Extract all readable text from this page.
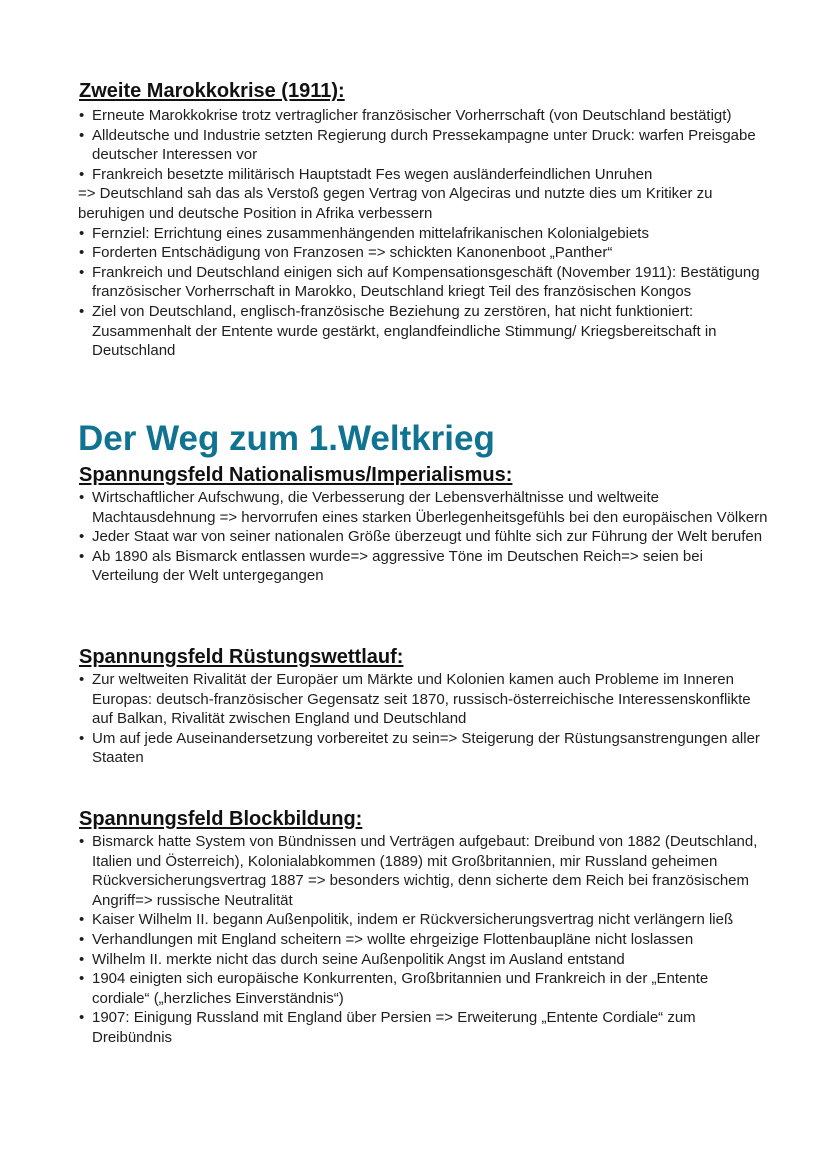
Zweite Marokkokrise (1911):
• Erneute Marokkokrise trotz vertraglicher französischer Vorherrschaft (von Deutschland bestätigt)
• Alldeutsche und Industrie setzten Regierung durch Pressekampagne unter Druck: warfen Preisgabe deutscher Interessen vor
• Frankreich besetzte militärisch Hauptstadt Fes wegen ausländerfeindlichen Unruhen
=> Deutschland sah das als Verstoß gegen Vertrag von Algeciras und nutzte dies um Kritiker zu beruhigen und deutsche Position in Afrika verbessern
• Fernziel: Errichtung eines zusammenhängenden mittelafrikanischen Kolonialgebiets
• Forderten Entschädigung von Franzosen => schickten Kanonenboot „Panther“
• Frankreich und Deutschland einigen sich auf Kompensationsgeschäft (November 1911): Bestätigung französischer Vorherrschaft in Marokko, Deutschland kriegt Teil des französischen Kongos
• Ziel von Deutschland, englisch-französische Beziehung zu zerstören, hat nicht funktioniert: Zusammenhalt der Entente wurde gestärkt, englandfeindliche Stimmung/ Kriegsbereitschaft in Deutschland
Der Weg zum 1.Weltkrieg
Spannungsfeld Nationalismus/Imperialismus:
• Wirtschaftlicher Aufschwung, die Verbesserung der Lebensverhältnisse und weltweite Machtausdehnung => hervorrufen eines starken Überlegenheitsgefühls bei den europäischen Völkern
• Jeder Staat war von seiner nationalen Größe überzeugt und fühlte sich zur Führung der Welt berufen
• Ab 1890 als Bismarck entlassen wurde=> aggressive Töne im Deutschen Reich=> seien bei Verteilung der Welt untergegangen
Spannungsfeld Rüstungswettlauf:
• Zur weltweiten Rivalität der Europäer um Märkte und Kolonien kamen auch Probleme im Inneren Europas: deutsch-französischer Gegensatz seit 1870, russisch-österreichische Interessenskonflikte auf Balkan, Rivalität zwischen England und Deutschland
• Um auf jede Auseinandersetzung vorbereitet zu sein=> Steigerung der Rüstungsanstrengungen aller Staaten
Spannungsfeld Blockbildung:
• Bismarck hatte System von Bündnissen und Verträgen aufgebaut: Dreibund von 1882 (Deutschland, Italien und Österreich), Kolonialabkommen (1889) mit Großbritannien, mir Russland geheimen Rückversicherungsvertrag 1887 => besonders wichtig, denn sicherte dem Reich bei französischem Angriff=> russische Neutralität
• Kaiser Wilhelm II. begann Außenpolitik, indem er Rückversicherungsvertrag nicht verlängern ließ
• Verhandlungen mit England scheitern => wollte ehrgeizige Flottenbaupläne nicht loslassen
• Wilhelm II. merkte nicht das durch seine Außenpolitik Angst im Ausland entstand
• 1904 einigten sich europäische Konkurrenten, Großbritannien und Frankreich in der „Entente cordiale“ („herzliches Einverständnis“)
• 1907: Einigung Russland mit England über Persien => Erweiterung „Entente Cordiale“ zum Dreibündnis
